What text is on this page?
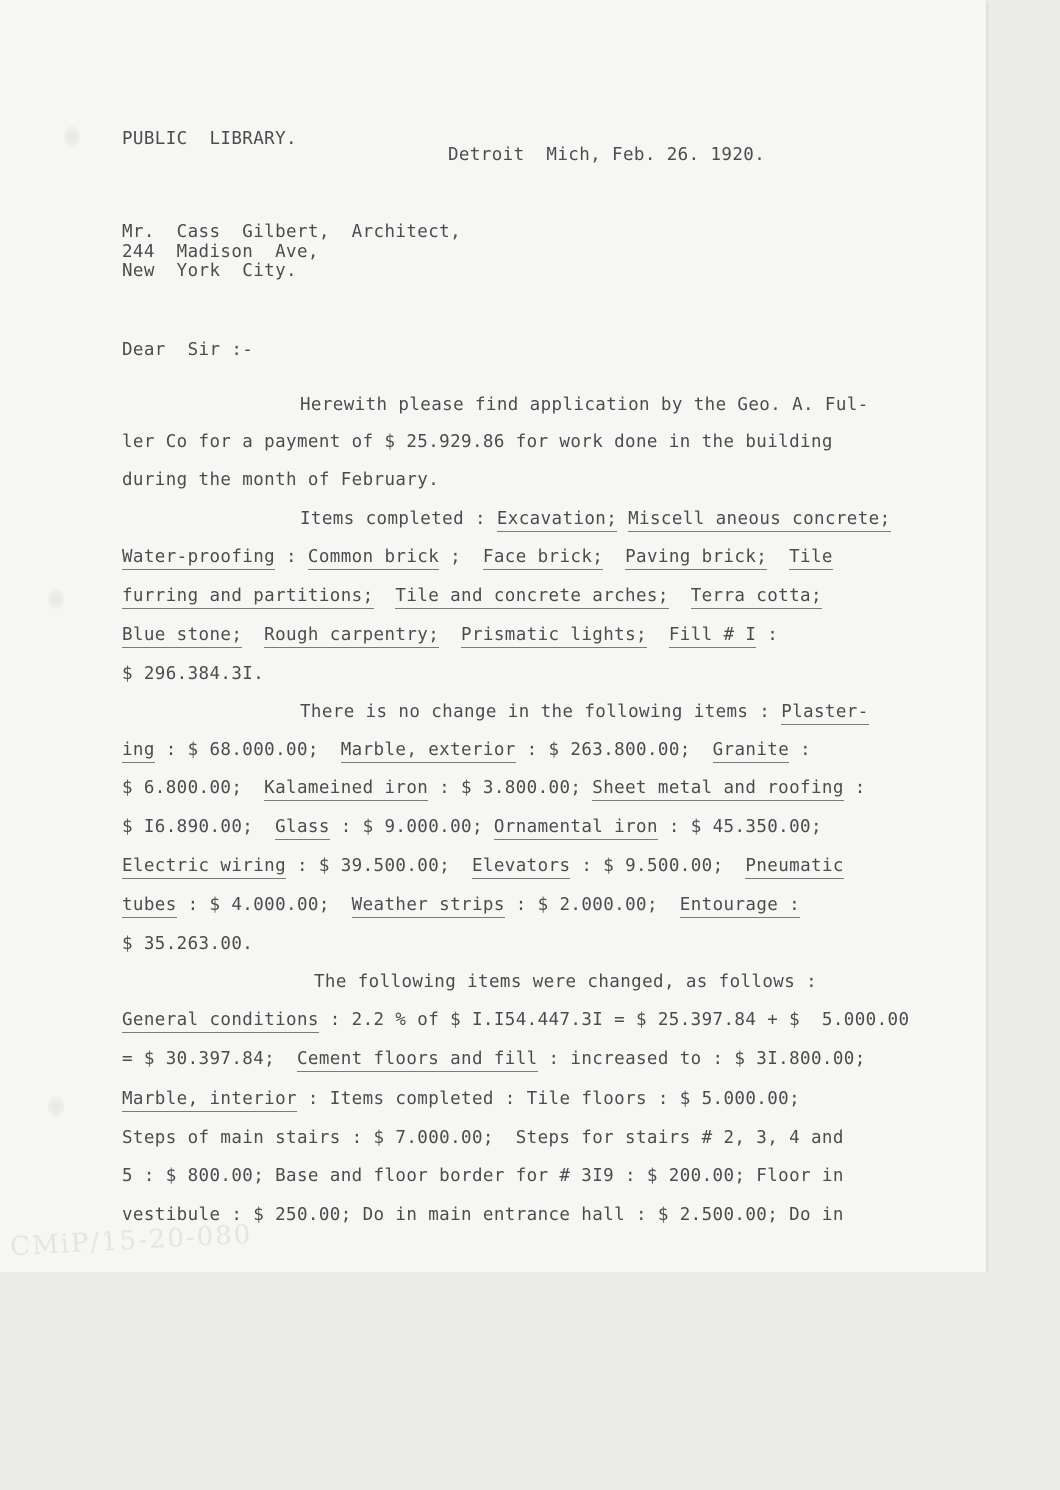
CMiP/15-20-080
PUBLIC  LIBRARY.
Detroit  Mich, Feb. 26. 1920.
Mr.  Cass  Gilbert,  Architect,
244  Madison  Ave,
New  York  City.
Dear  Sir :-
Herewith please find application by the Geo. A. Ful-
ler Co for a payment of $ 25.929.86 for work done in the building
during the month of February.
Items completed : Excavation; Miscell aneous concrete;
Water-proofing : Common brick ;  Face brick; Paving brick; Tile
furring and partitions; Tile and concrete arches; Terra cotta;
Blue stone; Rough carpentry; Prismatic lights; Fill # I :
$ 296.384.3I.
There is no change in the following items : Plaster-
ing : $ 68.000.00;  Marble, exterior : $ 263.800.00;  Granite :
$ 6.800.00;  Kalameined iron : $ 3.800.00; Sheet metal and roofing :
$ I6.890.00;  Glass : $ 9.000.00; Ornamental iron : $ 45.350.00;
Electric wiring : $ 39.500.00;  Elevators : $ 9.500.00;  Pneumatic
tubes : $ 4.000.00;  Weather strips : $ 2.000.00;  Entourage :
$ 35.263.00.
The following items were changed, as follows :
General conditions : 2.2 % of $ I.I54.447.3I = $ 25.397.84 + $  5.000.00
= $ 30.397.84;  Cement floors and fill : increased to : $ 3I.800.00;
Marble, interior : Items completed : Tile floors : $ 5.000.00;
Steps of main stairs : $ 7.000.00;  Steps for stairs # 2, 3, 4 and
5 : $ 800.00; Base and floor border for # 3I9 : $ 200.00; Floor in
vestibule : $ 250.00; Do in main entrance hall : $ 2.500.00; Do in
